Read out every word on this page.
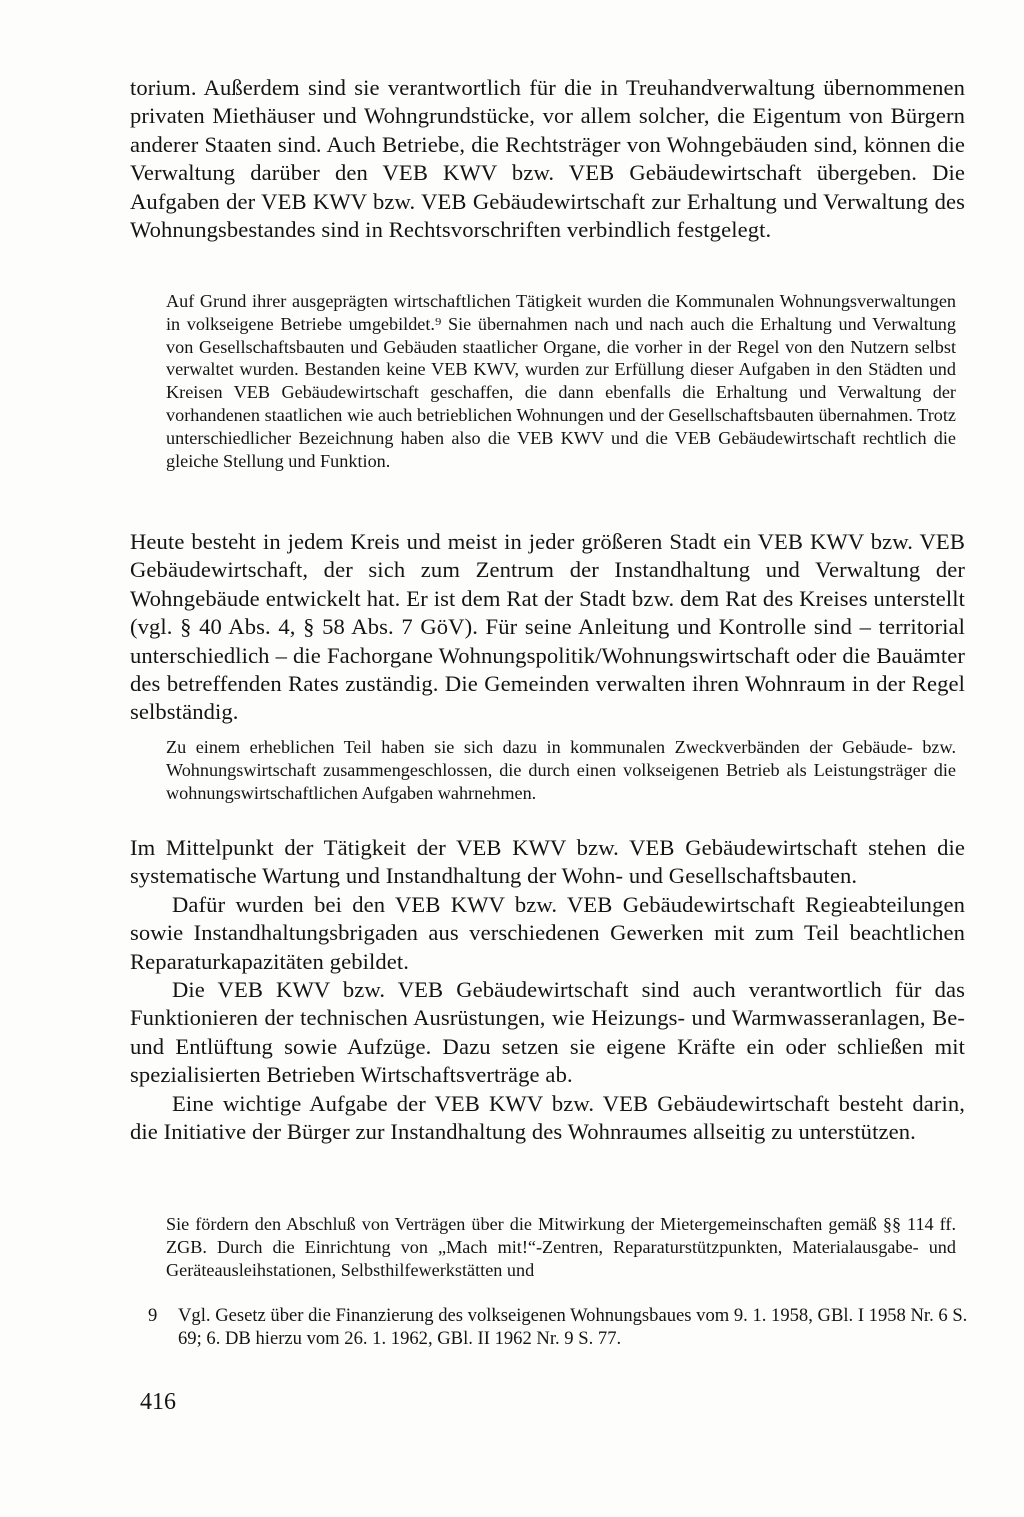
torium. Außerdem sind sie verantwortlich für die in Treuhandverwaltung übernommenen privaten Miethäuser und Wohngrundstücke, vor allem solcher, die Eigentum von Bürgern anderer Staaten sind. Auch Betriebe, die Rechtsträger von Wohngebäuden sind, können die Verwaltung darüber den VEB KWV bzw. VEB Gebäudewirtschaft übergeben. Die Aufgaben der VEB KWV bzw. VEB Gebäudewirtschaft zur Erhaltung und Verwaltung des Wohnungsbestandes sind in Rechtsvorschriften verbindlich festgelegt.

Auf Grund ihrer ausgeprägten wirtschaftlichen Tätigkeit wurden die Kommunalen Wohnungsverwaltungen in volkseigene Betriebe umgebildet.⁹ Sie übernahmen nach und nach auch die Erhaltung und Verwaltung von Gesellschaftsbauten und Gebäuden staatlicher Organe, die vorher in der Regel von den Nutzern selbst verwaltet wurden. Bestanden keine VEB KWV, wurden zur Erfüllung dieser Aufgaben in den Städten und Kreisen VEB Gebäudewirtschaft geschaffen, die dann ebenfalls die Erhaltung und Verwaltung der vorhandenen staatlichen wie auch betrieblichen Wohnungen und der Gesellschaftsbauten übernahmen. Trotz unterschiedlicher Bezeichnung haben also die VEB KWV und die VEB Gebäudewirtschaft rechtlich die gleiche Stellung und Funktion.

Heute besteht in jedem Kreis und meist in jeder größeren Stadt ein VEB KWV bzw. VEB Gebäudewirtschaft, der sich zum Zentrum der Instandhaltung und Verwaltung der Wohngebäude entwickelt hat. Er ist dem Rat der Stadt bzw. dem Rat des Kreises unterstellt (vgl. § 40 Abs. 4, § 58 Abs. 7 GöV). Für seine Anleitung und Kontrolle sind – territorial unterschiedlich – die Fachorgane Wohnungspolitik/Wohnungswirtschaft oder die Bauämter des betreffenden Rates zuständig. Die Gemeinden verwalten ihren Wohnraum in der Regel selbständig.

Zu einem erheblichen Teil haben sie sich dazu in kommunalen Zweckverbänden der Gebäude- bzw. Wohnungswirtschaft zusammengeschlossen, die durch einen volkseigenen Betrieb als Leistungsträger die wohnungswirtschaftlichen Aufgaben wahrnehmen.

Im Mittelpunkt der Tätigkeit der VEB KWV bzw. VEB Gebäudewirtschaft stehen die systematische Wartung und Instandhaltung der Wohn- und Gesellschaftsbauten.

Dafür wurden bei den VEB KWV bzw. VEB Gebäudewirtschaft Regieabteilungen sowie Instandhaltungsbrigaden aus verschiedenen Gewerken mit zum Teil beachtlichen Reparaturkapazitäten gebildet.

Die VEB KWV bzw. VEB Gebäudewirtschaft sind auch verantwortlich für das Funktionieren der technischen Ausrüstungen, wie Heizungs- und Warmwasseranlagen, Be- und Entlüftung sowie Aufzüge. Dazu setzen sie eigene Kräfte ein oder schließen mit spezialisierten Betrieben Wirtschaftsverträge ab.

Eine wichtige Aufgabe der VEB KWV bzw. VEB Gebäudewirtschaft besteht darin, die Initiative der Bürger zur Instandhaltung des Wohnraumes allseitig zu unterstützen.

Sie fördern den Abschluß von Verträgen über die Mitwirkung der Mietergemeinschaften gemäß §§ 114 ff. ZGB. Durch die Einrichtung von „Mach mit!“-Zentren, Reparaturstützpunkten, Materialausgabe- und Geräteausleihstationen, Selbsthilfewerkstätten und

9	Vgl. Gesetz über die Finanzierung des volkseigenen Wohnungsbaues vom 9. 1. 1958, GBl. I 1958 Nr. 6 S. 69; 6. DB hierzu vom 26. 1. 1962, GBl. II 1962 Nr. 9 S. 77.
416
